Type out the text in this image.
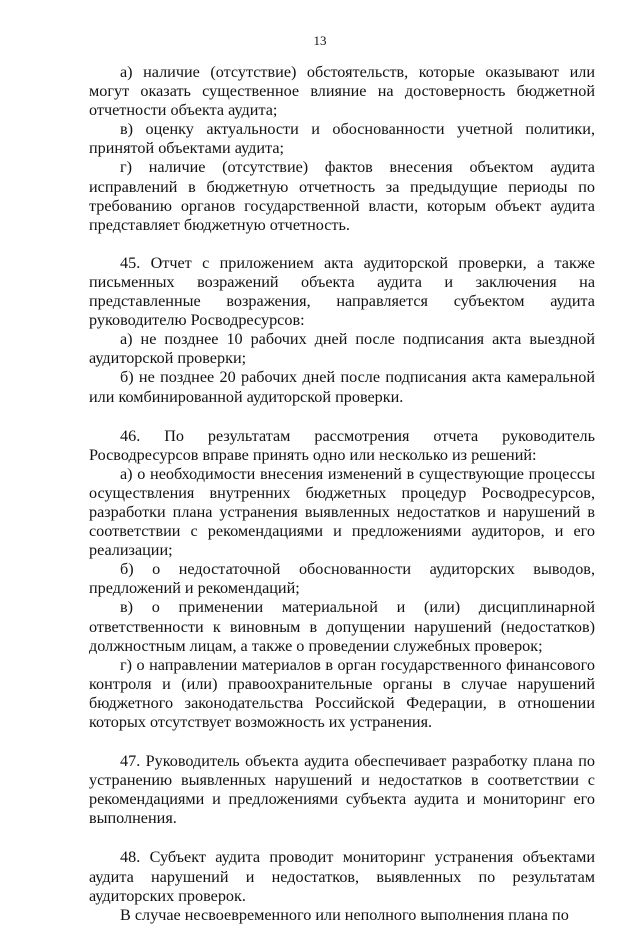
13

а) наличие (отсутствие) обстоятельств, которые оказывают или могут оказать существенное влияние на достоверность бюджетной отчетности объекта аудита;

в) оценку актуальности и обоснованности учетной политики, принятой объектами аудита;

г) наличие (отсутствие) фактов внесения объектом аудита исправлений в бюджетную отчетность за предыдущие периоды по требованию органов государственной власти, которым объект аудита представляет бюджетную отчетность.

45. Отчет с приложением акта аудиторской проверки, а также письменных возражений объекта аудита и заключения на представленные возражения, направляется субъектом аудита руководителю Росводресурсов:

а) не позднее 10 рабочих дней после подписания акта выездной аудиторской проверки;

б) не позднее 20 рабочих дней после подписания акта камеральной или комбинированной аудиторской проверки.

46. По результатам рассмотрения отчета руководитель Росводресурсов вправе принять одно или несколько из решений:

а) о необходимости внесения изменений в существующие процессы осуществления внутренних бюджетных процедур Росводресурсов, разработки плана устранения выявленных недостатков и нарушений в соответствии с рекомендациями и предложениями аудиторов, и его реализации;

б) о недостаточной обоснованности аудиторских выводов, предложений и рекомендаций;

в) о применении материальной и (или) дисциплинарной ответственности к виновным в допущении нарушений (недостатков) должностным лицам, а также о проведении служебных проверок;

г) о направлении материалов в орган государственного финансового контроля и (или) правоохранительные органы в случае нарушений бюджетного законодательства Российской Федерации, в отношении которых отсутствует возможность их устранения.

47. Руководитель объекта аудита обеспечивает разработку плана по устранению выявленных нарушений и недостатков в соответствии с рекомендациями и предложениями субъекта аудита и мониторинг его выполнения.

48. Субъект аудита проводит мониторинг устранения объектами аудита нарушений и недостатков, выявленных по результатам аудиторских проверок.

В случае несвоевременного или неполного выполнения плана по
